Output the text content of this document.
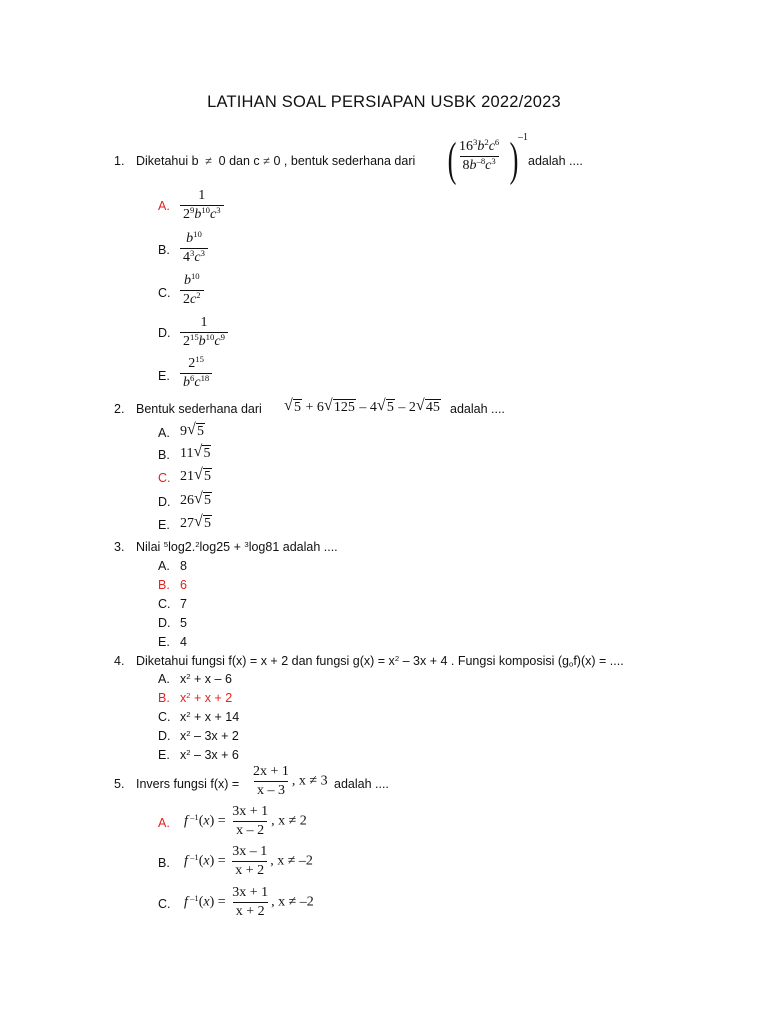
LATIHAN SOAL PERSIAPAN USBK 2022/2023
1. Diketahui b  ≠  0 dan c ≠ 0 , bentuk sederhana dari ( $\frac{16^3b^2c^6}{8b^{-8}c^3}$ ) –1
adalah ....
A. $\frac{1}{2^9b^{10}c^3}$
B. $\frac{b^{10}}{4^3c^3}$
C. $\frac{b^{10}}{2c^2}$
D. $\frac{1}{2^{15}b^{10}c^9}$
E. $\frac{2^{15}}{b^6c^{18}}$
2. Bentuk sederhana dari √ 5 + 6 √ 125 – 4 √ 5 – 2 √ 45 adalah ....
A. 9 √ 5
B. 11 √ 5
C. 21 √ 5
D. 26 √ 5
E. 27 √ 5
3. Nilai $^5$log2.$^2$log25 + $^3$log81 adalah ....
A. 8
B. 6
C. 7
D. 5
E. 4
4. Diketahui fungsi f(x) = x + 2 dan fungsi $g(x) = x^2 - 3x + 4$ . Fungsi komposisi $(g_of)(x)$ = ....
A. $x^2 + x - 6$
B. $x^2 + x + 2$
C. $x^2 + x + 14$
D. $x^2 - 3x + 2$
E. $x^2 - 3x + 6$
5. Invers fungsi $f(x) = \frac{2x + 1}{x - 3}$ , x ≠ 3 adalah ....
A. f $^{-1}(x) = \frac{3x + 1}{x - 2}$ , x ≠ 2
B. f $^{-1}(x) = \frac{3x - 1}{x + 2}$ , x ≠ –2
C. f $^{-1}(x) = \frac{3x + 1}{x + 2}$ , x ≠ –2
